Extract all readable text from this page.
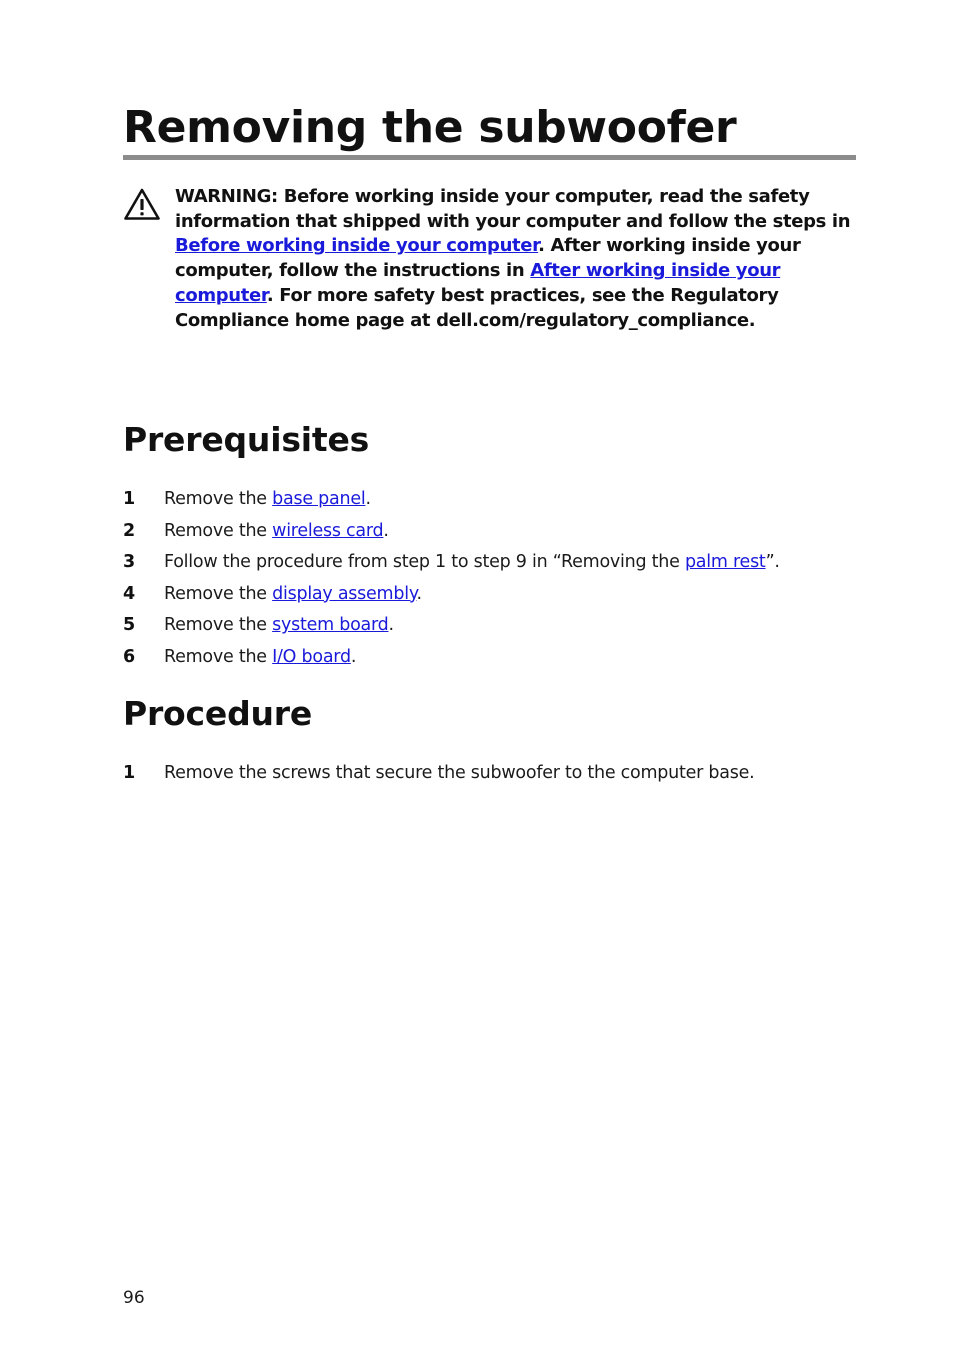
Removing the subwoofer

WARNING: Before working inside your computer, read the safety information that shipped with your computer and follow the steps in Before working inside your computer. After working inside your computer, follow the instructions in After working inside your computer. For more safety best practices, see the Regulatory Compliance home page at dell.com/regulatory_compliance.

Prerequisites
1 Remove the base panel.
2 Remove the wireless card.
3 Follow the procedure from step 1 to step 9 in “Removing the palm rest”.
4 Remove the display assembly.
5 Remove the system board.
6 Remove the I/O board.
Procedure
1 Remove the screws that secure the subwoofer to the computer base.
96
